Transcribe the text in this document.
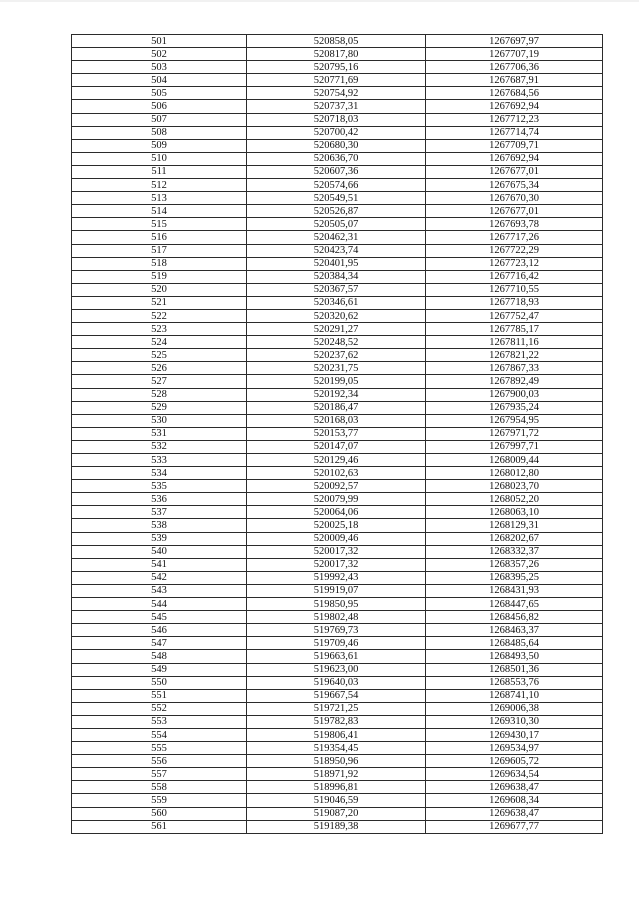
501	520858,05	1267697,97
502	520817,80	1267707,19
503	520795,16	1267706,36
504	520771,69	1267687,91
505	520754,92	1267684,56
506	520737,31	1267692,94
507	520718,03	1267712,23
508	520700,42	1267714,74
509	520680,30	1267709,71
510	520636,70	1267692,94
511	520607,36	1267677,01
512	520574,66	1267675,34
513	520549,51	1267670,30
514	520526,87	1267677,01
515	520505,07	1267693,78
516	520462,31	1267717,26
517	520423,74	1267722,29
518	520401,95	1267723,12
519	520384,34	1267716,42
520	520367,57	1267710,55
521	520346,61	1267718,93
522	520320,62	1267752,47
523	520291,27	1267785,17
524	520248,52	1267811,16
525	520237,62	1267821,22
526	520231,75	1267867,33
527	520199,05	1267892,49
528	520192,34	1267900,03
529	520186,47	1267935,24
530	520168,03	1267954,95
531	520153,77	1267971,72
532	520147,07	1267997,71
533	520129,46	1268009,44
534	520102,63	1268012,80
535	520092,57	1268023,70
536	520079,99	1268052,20
537	520064,06	1268063,10
538	520025,18	1268129,31
539	520009,46	1268202,67
540	520017,32	1268332,37
541	520017,32	1268357,26
542	519992,43	1268395,25
543	519919,07	1268431,93
544	519850,95	1268447,65
545	519802,48	1268456,82
546	519769,73	1268463,37
547	519709,46	1268485,64
548	519663,61	1268493,50
549	519623,00	1268501,36
550	519640,03	1268553,76
551	519667,54	1268741,10
552	519721,25	1269006,38
553	519782,83	1269310,30
554	519806,41	1269430,17
555	519354,45	1269534,97
556	518950,96	1269605,72
557	518971,92	1269634,54
558	518996,81	1269638,47
559	519046,59	1269608,34
560	519087,20	1269638,47
561	519189,38	1269677,77
